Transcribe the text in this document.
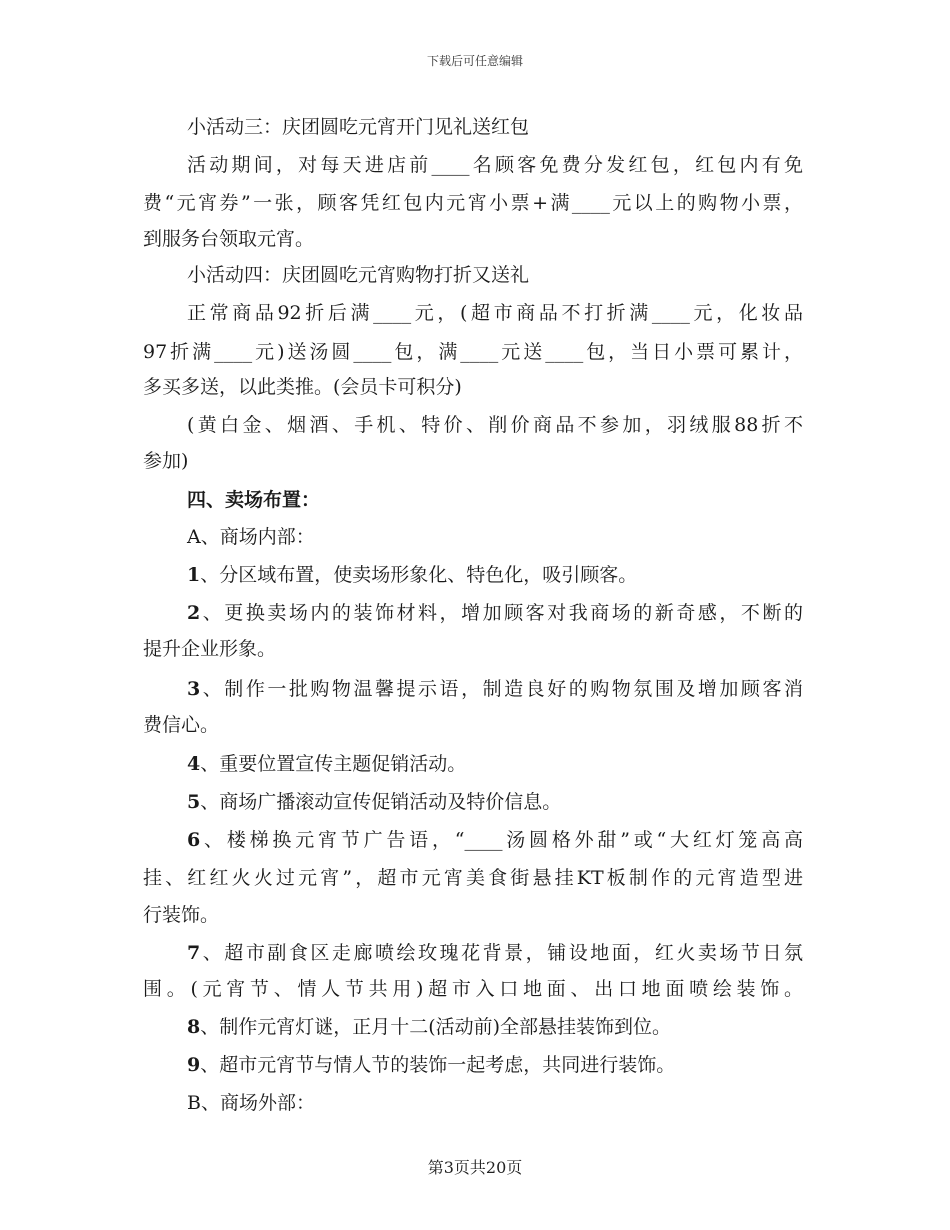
下载后可任意编辑
小活动三：庆团圆吃元宵开门见礼送红包
活动期间，对每天进店前____名顾客免费分发红包，红包内有免
费“元宵券”一张，顾客凭红包内元宵小票+满____元以上的购物小票，
到服务台领取元宵。
小活动四：庆团圆吃元宵购物打折又送礼
正常商品92折后满____元，(超市商品不打折满____元，化妆品
97折满____元)送汤圆____包，满____元送____包，当日小票可累计，
多买多送，以此类推。(会员卡可积分)
(黄白金、烟酒、手机、特价、削价商品不参加，羽绒服88折不
参加)
四、卖场布置：
A、商场内部：
1、分区域布置，使卖场形象化、特色化，吸引顾客。
2、更换卖场内的装饰材料，增加顾客对我商场的新奇感，不断的
提升企业形象。
3、制作一批购物温馨提示语，制造良好的购物氛围及增加顾客消
费信心。
4、重要位置宣传主题促销活动。
5、商场广播滚动宣传促销活动及特价信息。
6、楼梯换元宵节广告语，“____汤圆格外甜”或“大红灯笼高高
挂、红红火火过元宵”，超市元宵美食街悬挂KT板制作的元宵造型进
行装饰。
7、超市副食区走廊喷绘玫瑰花背景，铺设地面，红火卖场节日氛
围。(元宵节、情人节共用)超市入口地面、出口地面喷绘装饰。
8、制作元宵灯谜，正月十二(活动前)全部悬挂装饰到位。
9、超市元宵节与情人节的装饰一起考虑，共同进行装饰。
B、商场外部：
第3页共20页
